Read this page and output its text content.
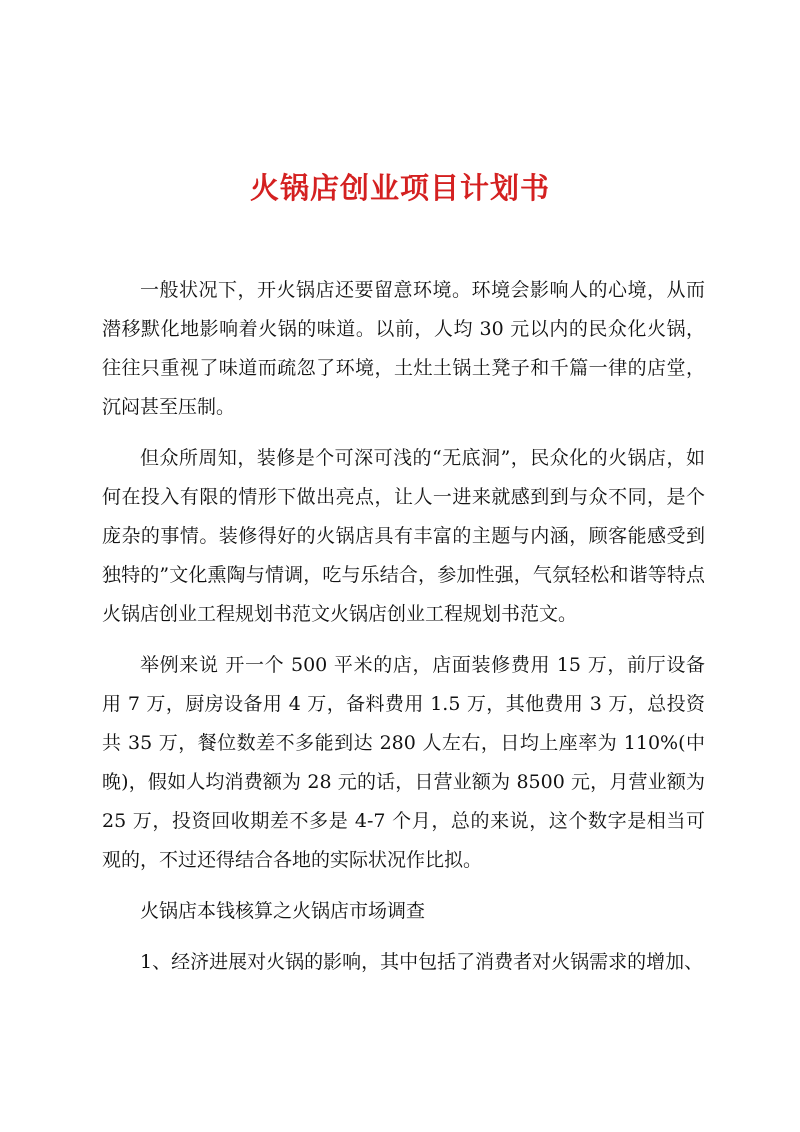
火锅店创业项目计划书

一般状况下，开火锅店还要留意环境。环境会影响人的心境，从而潜移默化地影响着火锅的味道。以前，人均 30 元以内的民众化火锅，往往只重视了味道而疏忽了环境，土灶土锅土凳子和千篇一律的店堂，沉闷甚至压制。

但众所周知，装修是个可深可浅的“无底洞”，民众化的火锅店，如何在投入有限的情形下做出亮点，让人一进来就感到到与众不同，是个庞杂的事情。装修得好的火锅店具有丰富的主题与内涵，顾客能感受到独特的”文化熏陶与情调，吃与乐结合，参加性强，气氛轻松和谐等特点火锅店创业工程规划书范文火锅店创业工程规划书范文。

举例来说 开一个 500 平米的店，店面装修费用 15 万，前厅设备用 7 万，厨房设备用 4 万，备料费用 1.5 万，其他费用 3 万，总投资共 35 万，餐位数差不多能到达 280 人左右，日均上座率为 110%(中晚)，假如人均消费额为 28 元的话，日营业额为 8500 元，月营业额为 25 万，投资回收期差不多是 4-7 个月，总的来说，这个数字是相当可观的，不过还得结合各地的实际状况作比拟。

火锅店本钱核算之火锅店市场调查

1、经济进展对火锅的影响，其中包括了消费者对火锅需求的增加、
